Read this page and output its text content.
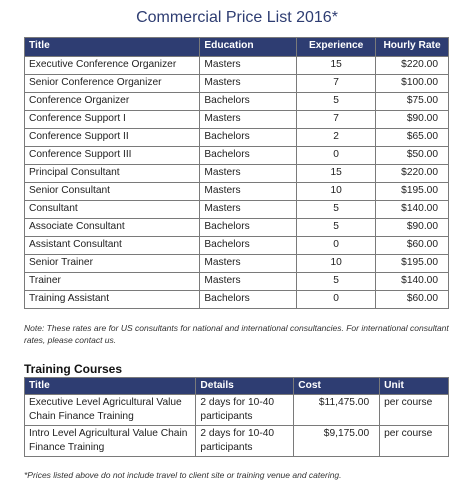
Commercial Price List 2016*
Title	Education	Experience	Hourly Rate
Executive Conference Organizer	Masters	15	$220.00
Senior Conference Organizer	Masters	7	$100.00
Conference Organizer	Bachelors	5	$75.00
Conference Support I	Masters	7	$90.00
Conference Support II	Bachelors	2	$65.00
Conference Support III	Bachelors	0	$50.00
Principal Consultant	Masters	15	$220.00
Senior Consultant	Masters	10	$195.00
Consultant	Masters	5	$140.00
Associate Consultant	Bachelors	5	$90.00
Assistant Consultant	Bachelors	0	$60.00
Senior Trainer	Masters	10	$195.00
Trainer	Masters	5	$140.00
Training Assistant	Bachelors	0	$60.00
Note: These rates are for US consultants for national and international consultancies. For international consultant rates, please contact us.
Training Courses
Title	Details	Cost	Unit
Executive Level Agricultural Value Chain Finance Training	2 days for 10-40 participants	$11,475.00	per course
Intro Level Agricultural Value Chain Finance Training	2 days for 10-40 participants	$9,175.00	per course
*Prices listed above do not include travel to client site or training venue and catering.
